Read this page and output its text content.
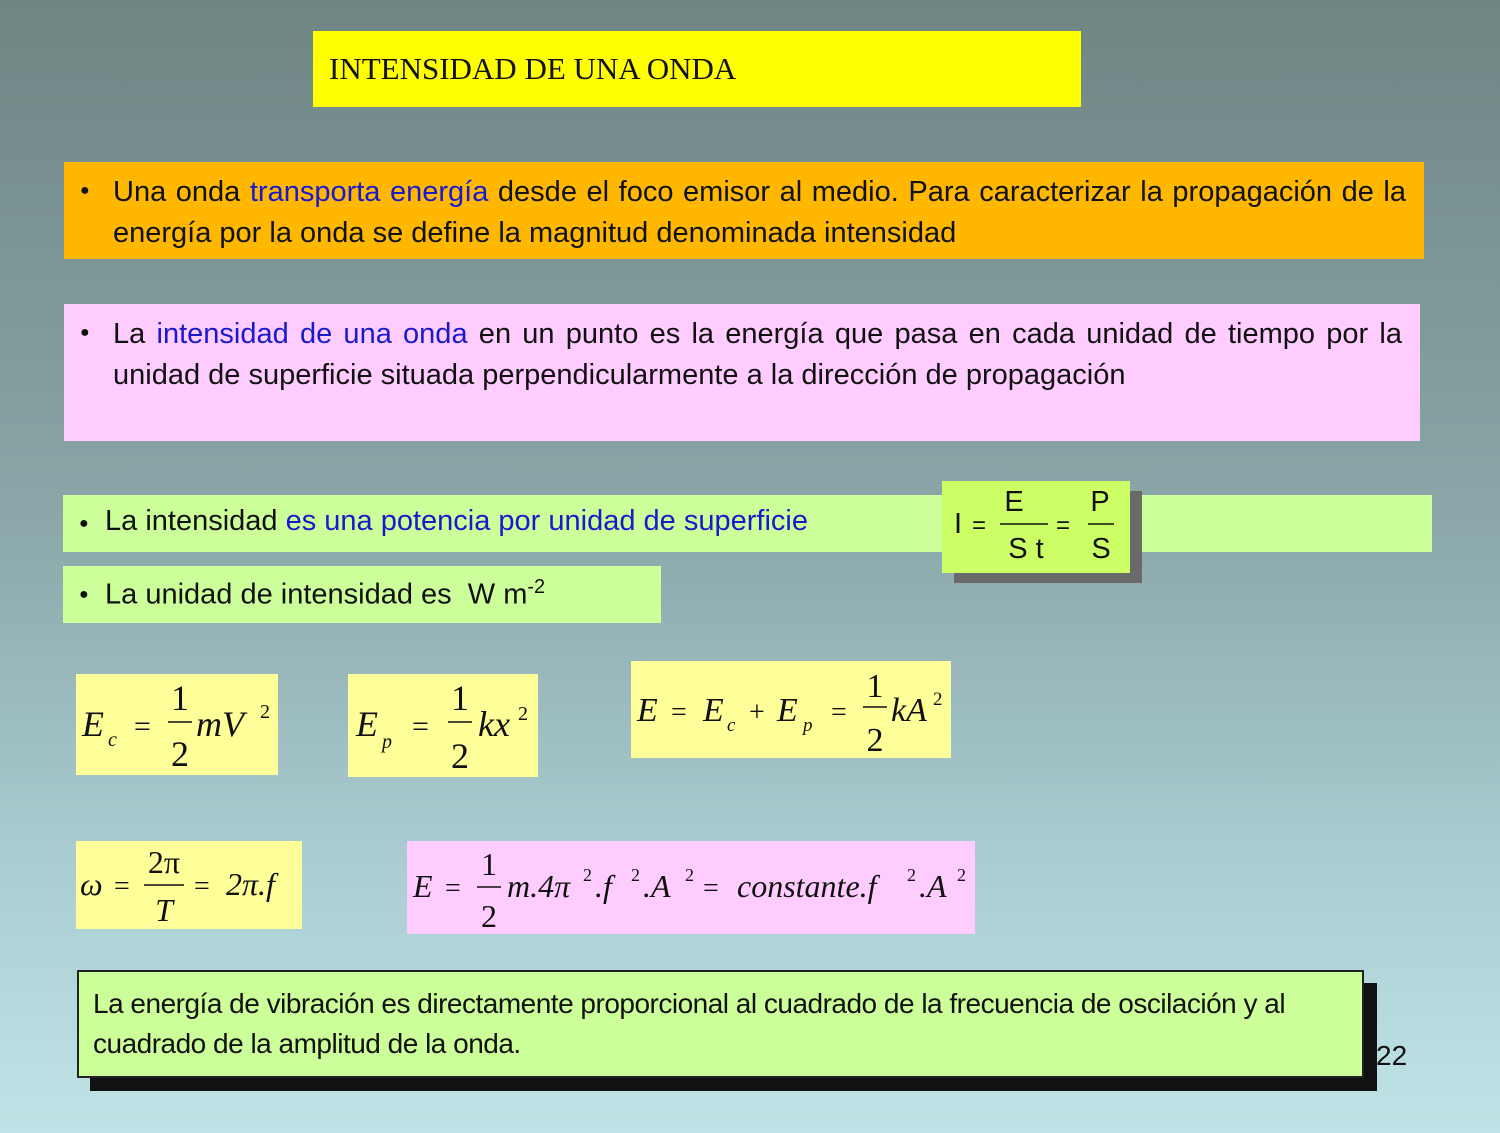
INTENSIDAD DE UNA ONDA
● Una onda transporta energía desde el foco emisor al medio. Para caracterizar la propagación de la energía por la onda se define la magnitud denominada intensidad
● La intensidad de una onda en un punto es la energía que pasa en cada unidad de tiempo por la unidad de superficie situada perpendicularmente a la dirección de propagación
● La intensidad es una potencia por unidad de superficie	I =
E
S t
=
P
S
● La unidad de intensidad es W $m^{-2}$
E c =
1
2
mV 2 E p =
1
2
kx 2	E = E c + E p =
1
2
kA 2
ω =
2π
T
= 2π.f	E =
1
2
m.4π 2 .f 2 .A 2 = constante.f 2 .A 2
La energía de vibración es directamente proporcional al cuadrado de la frecuencia de oscilación y al cuadrado de la amplitud de la onda.	22
